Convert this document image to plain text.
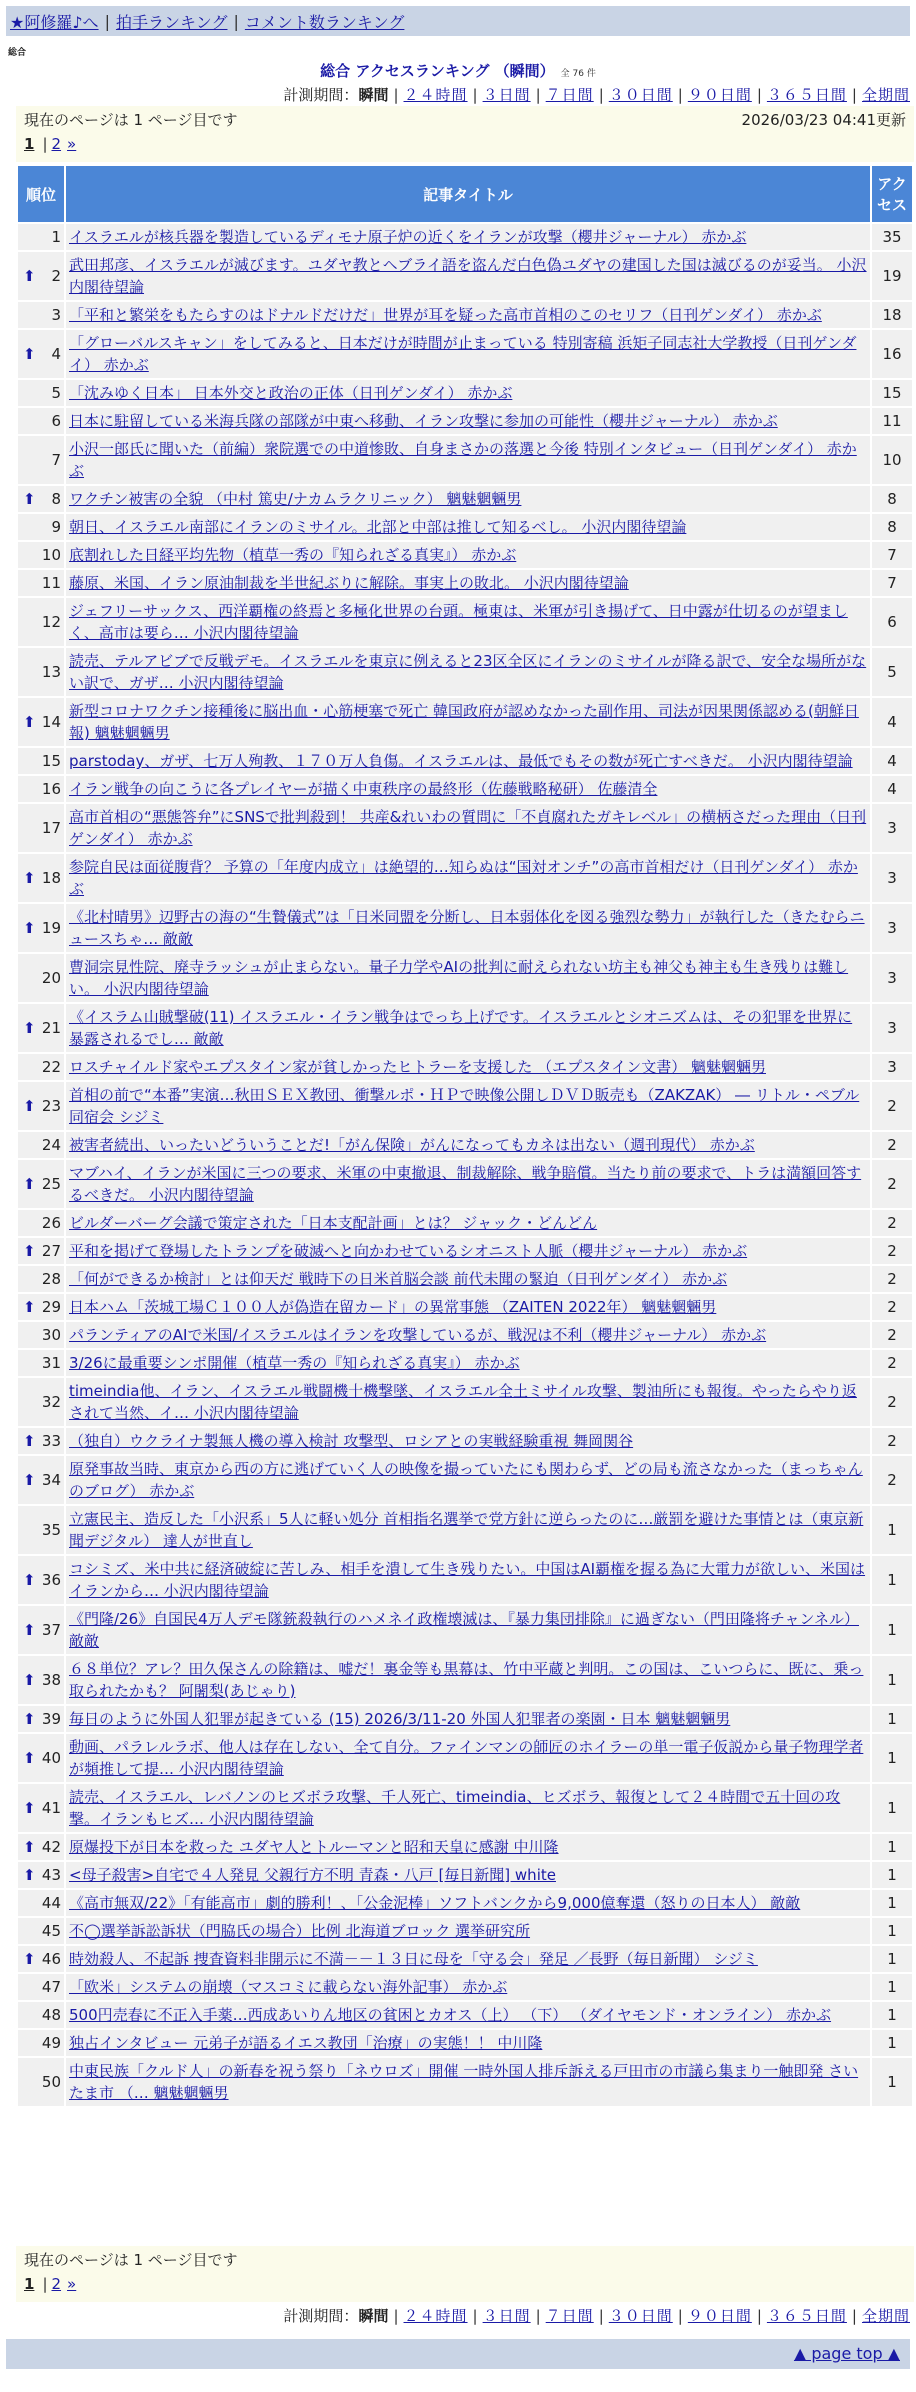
★阿修羅♪へ | 拍手ランキング | コメント数ランキング
総合
総合 アクセスランキング （瞬間） 全 76 件
計測期間：瞬間 | ２４時間 | ３日間 | ７日間 | ３０日間 | ９０日間 | ３６５日間 | 全期間
現在のページは 1 ページ目です	2026/03/23 04:41更新
1 | 2 »
順位	記事タイトル	アクセス
1	イスラエルが核兵器を製造しているディモナ原子炉の近くをイランが攻撃（櫻井ジャーナル） 赤かぶ	35

⬆ 2	武田邦彦、イスラエルが滅びます。ユダヤ教とヘブライ語を盗んだ白色偽ユダヤの建国した国は滅びるのが妥当。 小沢内閣待望論	19
3	「平和と繁栄をもたらすのはドナルドだけだ」世界が耳を疑った高市首相のこのセリフ（日刊ゲンダイ） 赤かぶ	18

⬆ 4	「グローバルスキャン」をしてみると、日本だけが時間が止まっている 特別寄稿 浜矩子同志社大学教授（日刊ゲンダイ） 赤かぶ	16
5	「沈みゆく日本」 日本外交と政治の正体（日刊ゲンダイ） 赤かぶ	15
6	日本に駐留している米海兵隊の部隊が中東へ移動、イラン攻撃に参加の可能性（櫻井ジャーナル） 赤かぶ	11
7	小沢一郎氏に聞いた（前編）衆院選での中道惨敗、自身まさかの落選と今後 特別インタビュー（日刊ゲンダイ） 赤かぶ	10

⬆ 8	ワクチン被害の全貌 （中村 篤史/ナカムラクリニック） 魑魅魍魎男	8
9	朝日、イスラエル南部にイランのミサイル。北部と中部は推して知るべし。 小沢内閣待望論	8
10	底割れした日経平均先物（植草一秀の『知られざる真実』） 赤かぶ	7
11	藤原、米国、イラン原油制裁を半世紀ぶりに解除。事実上の敗北。 小沢内閣待望論	7
12	ジェフリーサックス、西洋覇権の終焉と多極化世界の台頭。極東は、米軍が引き揚げて、日中露が仕切るのが望ましく、高市は要ら… 小沢内閣待望論	6
13	読売、テルアビブで反戦デモ。イスラエルを東京に例えると23区全区にイランのミサイルが降る訳で、安全な場所がない訳で、ガザ… 小沢内閣待望論	5

⬆ 14	新型コロナワクチン接種後に脳出血・心筋梗塞で死亡 韓国政府が認めなかった副作用、司法が因果関係認める(朝鮮日報) 魑魅魍魎男	4
15	parstoday、ガザ、七万人殉教、１７０万人負傷。イスラエルは、最低でもその数が死亡すべきだ。 小沢内閣待望論	4
16	イラン戦争の向こうに各プレイヤーが描く中東秩序の最終形（佐藤戦略秘研） 佐藤清全	4
17	高市首相の“悪態答弁”にSNSで批判殺到！ 共産&れいわの質問に「不貞腐れたガキレベル」の横柄さだった理由（日刊ゲンダイ） 赤かぶ	3

⬆ 18	参院自民は面従腹背？ 予算の「年度内成立」は絶望的…知らぬは“国対オンチ”の高市首相だけ（日刊ゲンダイ） 赤かぶ	3

⬆ 19	《北村晴男》辺野古の海の“生贄儀式”は「日米同盟を分断し、日本弱体化を図る強烈な勢力」が執行した（きたむらニュースちゃ… 敵敵	3
20	曹洞宗見性院、廃寺ラッシュが止まらない。量子力学やAIの批判に耐えられない坊主も神父も神主も生き残りは難しい。 小沢内閣待望論	3

⬆ 21	《イスラム山賊撃破(11) イスラエル・イラン戦争はでっち上げです。イスラエルとシオニズムは、その犯罪を世界に暴露されるでし… 敵敵	3
22	ロスチャイルド家やエプスタイン家が貧しかったヒトラーを支援した （エプスタイン文書） 魑魅魍魎男	3

⬆ 23	首相の前で“本番”実演…秋田ＳＥＸ教団、衝撃ルポ・ＨＰで映像公開しＤＶＤ販売も（ZAKZAK） ― リトル・ペブル同宿会 シジミ	2
24	被害者続出、いったいどういうことだ!「がん保険」がんになってもカネは出ない（週刊現代） 赤かぶ	2

⬆ 25	マブハイ、イランが米国に三つの要求、米軍の中東撤退、制裁解除、戦争賠償。当たり前の要求で、トラは満額回答するべきだ。 小沢内閣待望論	2
26	ビルダーバーグ会議で策定された「日本支配計画」とは？ ジャック・どんどん	2

⬆ 27	平和を掲げて登場したトランプを破滅へと向かわせているシオニスト人脈（櫻井ジャーナル） 赤かぶ	2
28	「何ができるか検討」とは仰天だ 戦時下の日米首脳会談 前代未聞の緊迫（日刊ゲンダイ） 赤かぶ	2

⬆ 29	日本ハム「茨城工場Ｃ１００人が偽造在留カード」の異常事態 （ZAITEN 2022年） 魑魅魍魎男	2
30	パランティアのAIで米国/イスラエルはイランを攻撃しているが、戦況は不利（櫻井ジャーナル） 赤かぶ	2
31	3/26に最重要シンポ開催（植草一秀の『知られざる真実』） 赤かぶ	2
32	timeindia他、イラン、イスラエル戦闘機十機撃墜、イスラエル全土ミサイル攻撃、製油所にも報復。やったらやり返されて当然、イ… 小沢内閣待望論	2

⬆ 33	（独自）ウクライナ製無人機の導入検討 攻撃型、ロシアとの実戦経験重視 舞岡関谷	2

⬆ 34	原発事故当時、東京から西の方に逃げていく人の映像を撮っていたにも関わらず、どの局も流さなかった（まっちゃんのブログ） 赤かぶ	2
35	立憲民主、造反した「小沢系」5人に軽い処分 首相指名選挙で党方針に逆らったのに…厳罰を避けた事情とは（東京新聞デジタル） 達人が世直し	1

⬆ 36	コシミズ、米中共に経済破綻に苦しみ、相手を潰して生き残りたい。中国はAI覇権を握る為に大電力が欲しい、米国はイランから… 小沢内閣待望論	1

⬆ 37	《門隆/26》自国民4万人デモ隊銃殺執行のハメネイ政権壊滅は、『暴力集団排除』に過ぎない（門田隆将チャンネル） 敵敵	1

⬆ 38	６８単位？アレ？田久保さんの除籍は、嘘だ！裏金等も黒幕は、竹中平蔵と判明。この国は、こいつらに、既に、乗っ取られたかも？ 阿闍梨(あじゃり)	1

⬆ 39	毎日のように外国人犯罪が起きている (15) 2026/3/11-20 外国人犯罪者の楽園・日本 魑魅魍魎男	1

⬆ 40	動画、パラレルラボ、他人は存在しない、全て自分。ファインマンの師匠のホイラーの単一電子仮説から量子物理学者が頻推して提… 小沢内閣待望論	1

⬆ 41	読売、イスラエル、レバノンのヒズボラ攻撃、千人死亡、timeindia、ヒズボラ、報復として２４時間で五十回の攻撃。イランもヒズ… 小沢内閣待望論	1

⬆ 42	原爆投下が日本を救った ユダヤ人とトルーマンと昭和天皇に感謝 中川隆	1

⬆ 43	<母子殺害>自宅で４人発見 父親行方不明 青森・八戸 [毎日新聞] white	1
44	《高市無双/22》「有能高市」劇的勝利！、「公金泥棒」ソフトバンクから9,000億奪還（怒りの日本人） 敵敵	1
45	不◯選挙訴訟訴状（門脇氏の場合）比例 北海道ブロック 選挙研究所	1

⬆ 46	時効殺人、不起訴 捜査資料非開示に不満－－１３日に母を「守る会」発足 ／長野（毎日新聞） シジミ	1
47	「欧米」システムの崩壊（マスコミに載らない海外記事） 赤かぶ	1
48	500円売春に不正入手薬…西成あいりん地区の貧困とカオス（上） （下） （ダイヤモンド・オンライン） 赤かぶ	1
49	独占インタビュー 元弟子が語るイエス教団「治療」の実態！！ 中川隆	1
50	中東民族「クルド人」の新春を祝う祭り「ネウロズ」開催 一時外国人排斥訴える戸田市の市議ら集まり一触即発 さいたま市 （… 魑魅魍魎男	1
現在のページは 1 ページ目です
1 | 2 »
計測期間：瞬間 | ２４時間 | ３日間 | ７日間 | ３０日間 | ９０日間 | ３６５日間 | 全期間
▲ page top ▲
